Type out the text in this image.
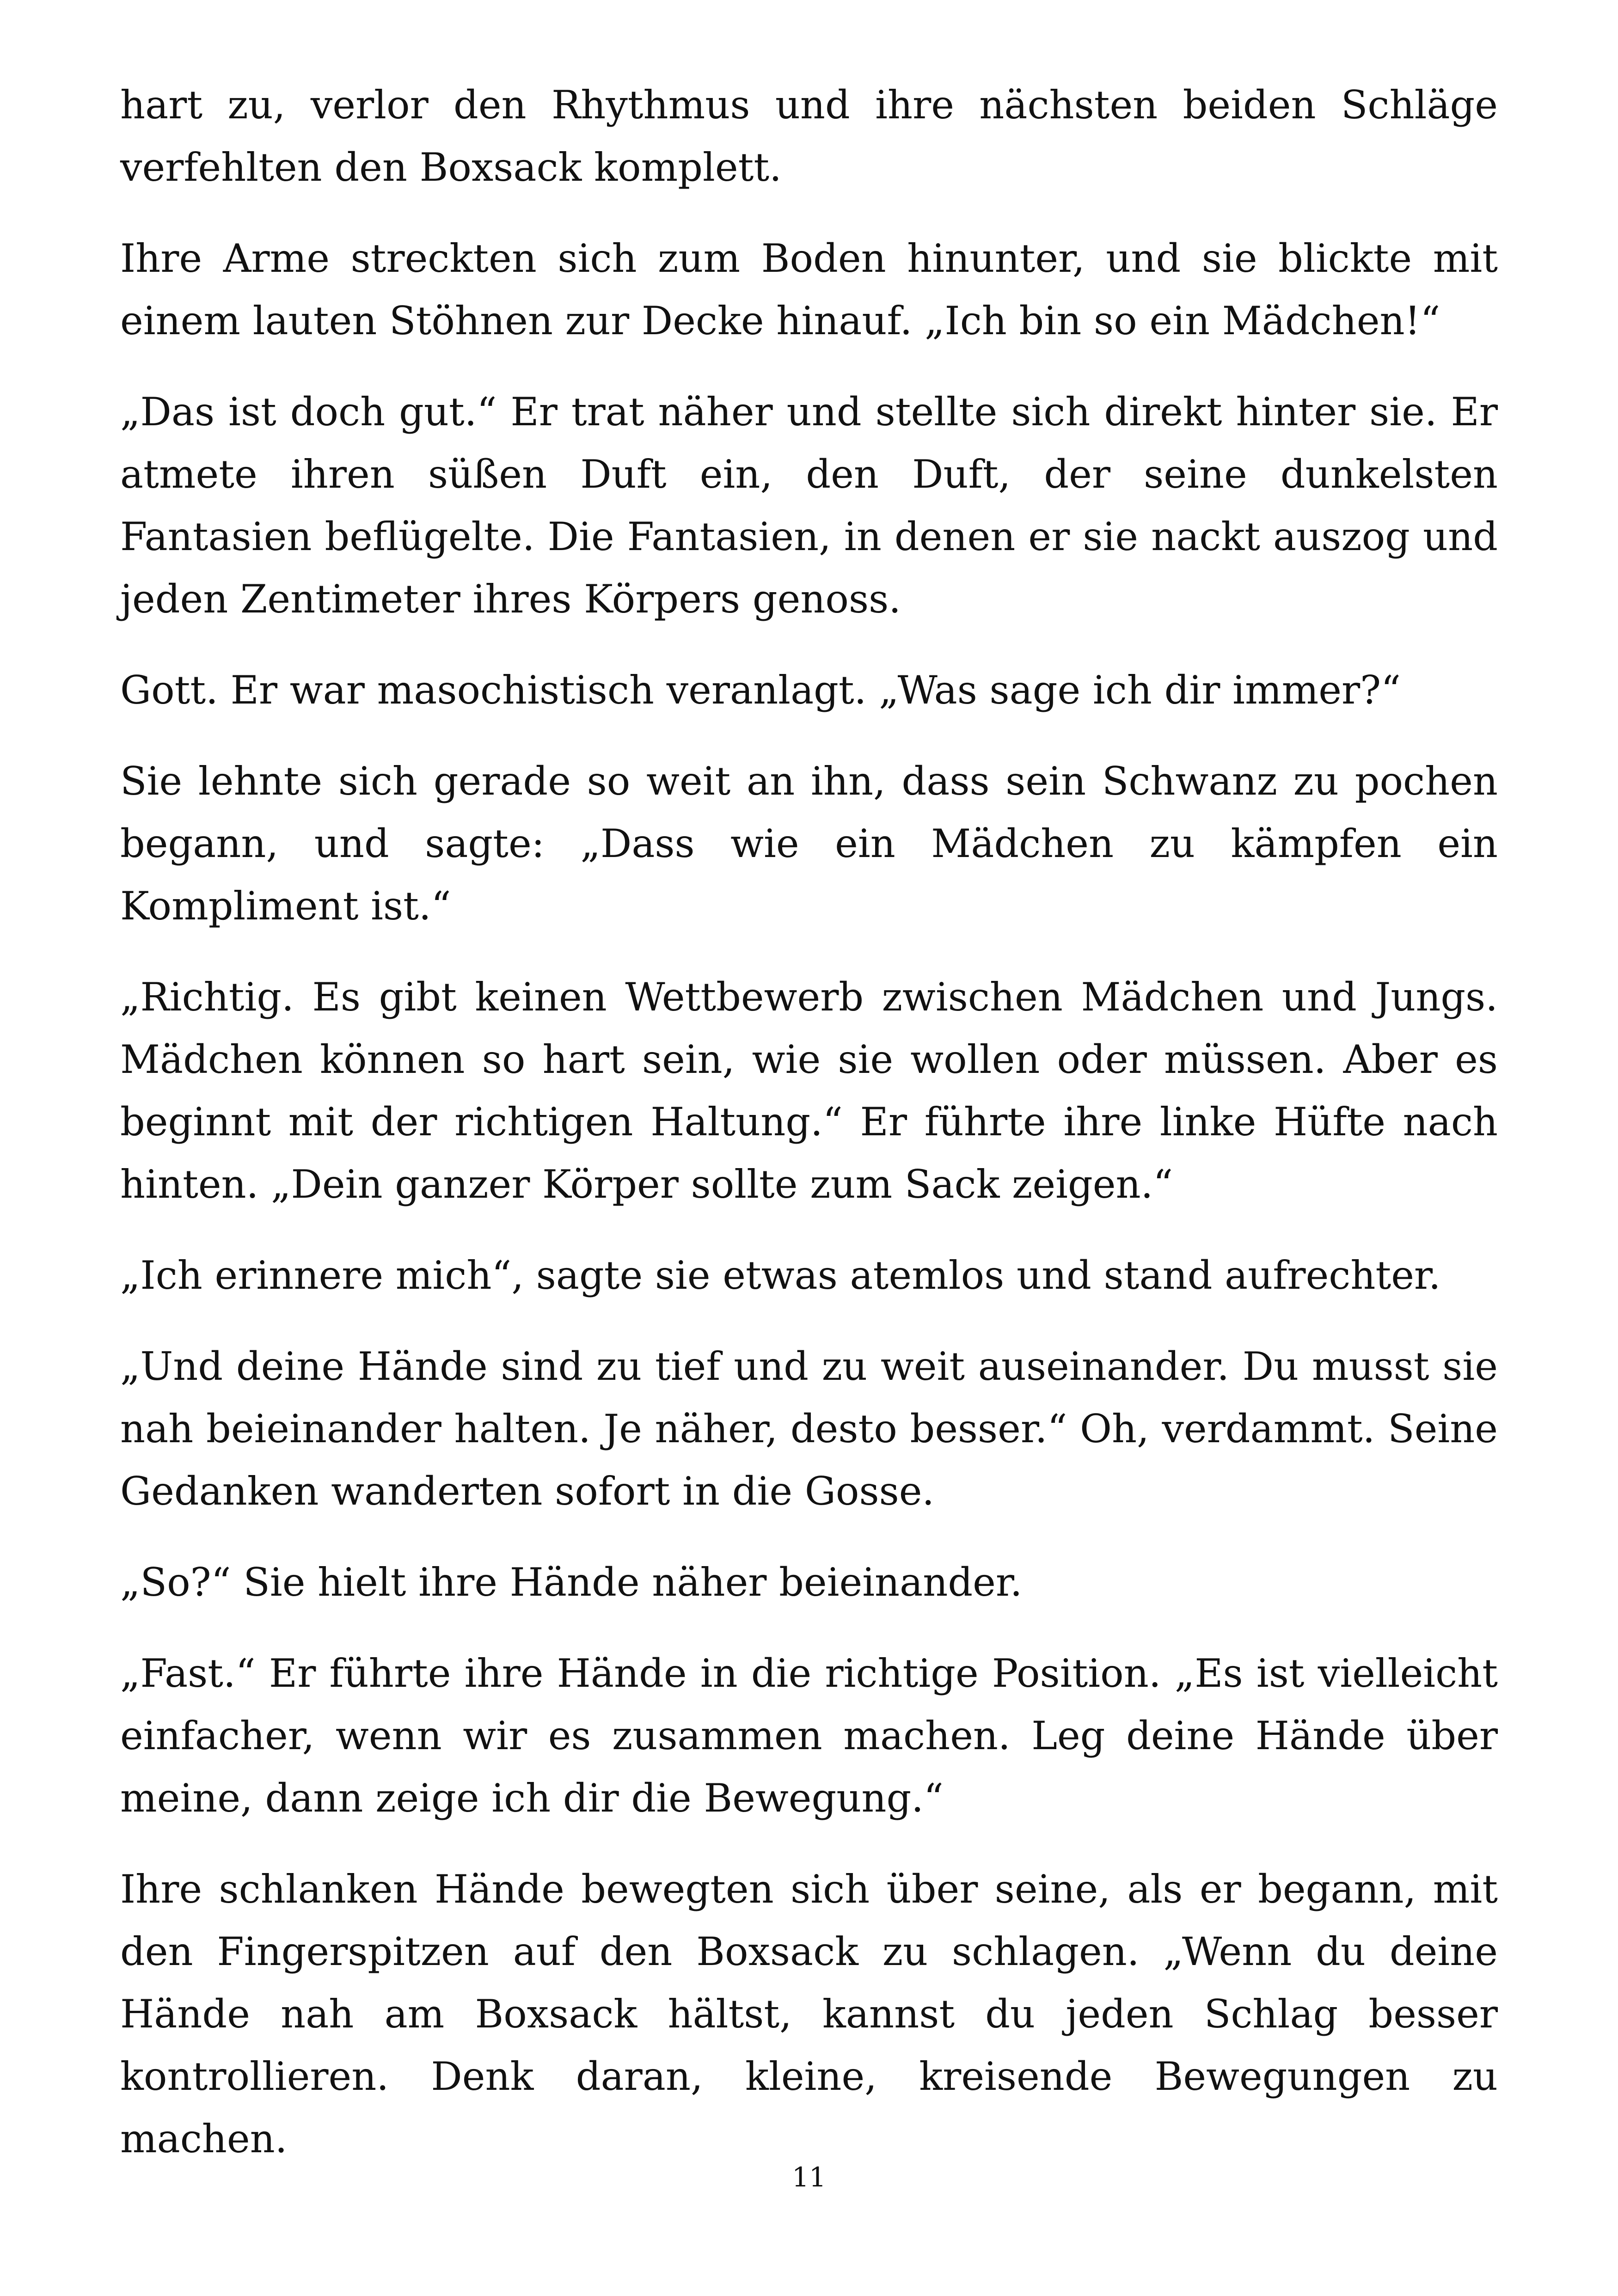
hart zu, verlor den Rhythmus und ihre nächsten beiden Schläge verfehlten den Boxsack komplett.

Ihre Arme streckten sich zum Boden hinunter, und sie blickte mit einem lauten Stöhnen zur Decke hinauf. „Ich bin so ein Mädchen!“

„Das ist doch gut.“ Er trat näher und stellte sich direkt hinter sie. Er atmete ihren süßen Duft ein, den Duft, der seine dunkelsten Fantasien beflügelte. Die Fantasien, in denen er sie nackt auszog und jeden Zentimeter ihres Körpers genoss.

Gott. Er war masochistisch veranlagt. „Was sage ich dir immer?“

Sie lehnte sich gerade so weit an ihn, dass sein Schwanz zu pochen begann, und sagte: „Dass wie ein Mädchen zu kämpfen ein Kompliment ist.“

„Richtig. Es gibt keinen Wettbewerb zwischen Mädchen und Jungs. Mädchen können so hart sein, wie sie wollen oder müssen. Aber es beginnt mit der richtigen Haltung.“ Er führte ihre linke Hüfte nach hinten. „Dein ganzer Körper sollte zum Sack zeigen.“

„Ich erinnere mich“, sagte sie etwas atemlos und stand aufrechter.

„Und deine Hände sind zu tief und zu weit auseinander. Du musst sie nah beieinander halten. Je näher, desto besser.“ Oh, verdammt. Seine Gedanken wanderten sofort in die Gosse.

„So?“ Sie hielt ihre Hände näher beieinander.

„Fast.“ Er führte ihre Hände in die richtige Position. „Es ist vielleicht einfacher, wenn wir es zusammen machen. Leg deine Hände über meine, dann zeige ich dir die Bewegung.“

Ihre schlanken Hände bewegten sich über seine, als er begann, mit den Fingerspitzen auf den Boxsack zu schlagen. „Wenn du deine Hände nah am Boxsack hältst, kannst du jeden Schlag besser kontrollieren. Denk daran, kleine, kreisende Bewegungen zu machen.

11
